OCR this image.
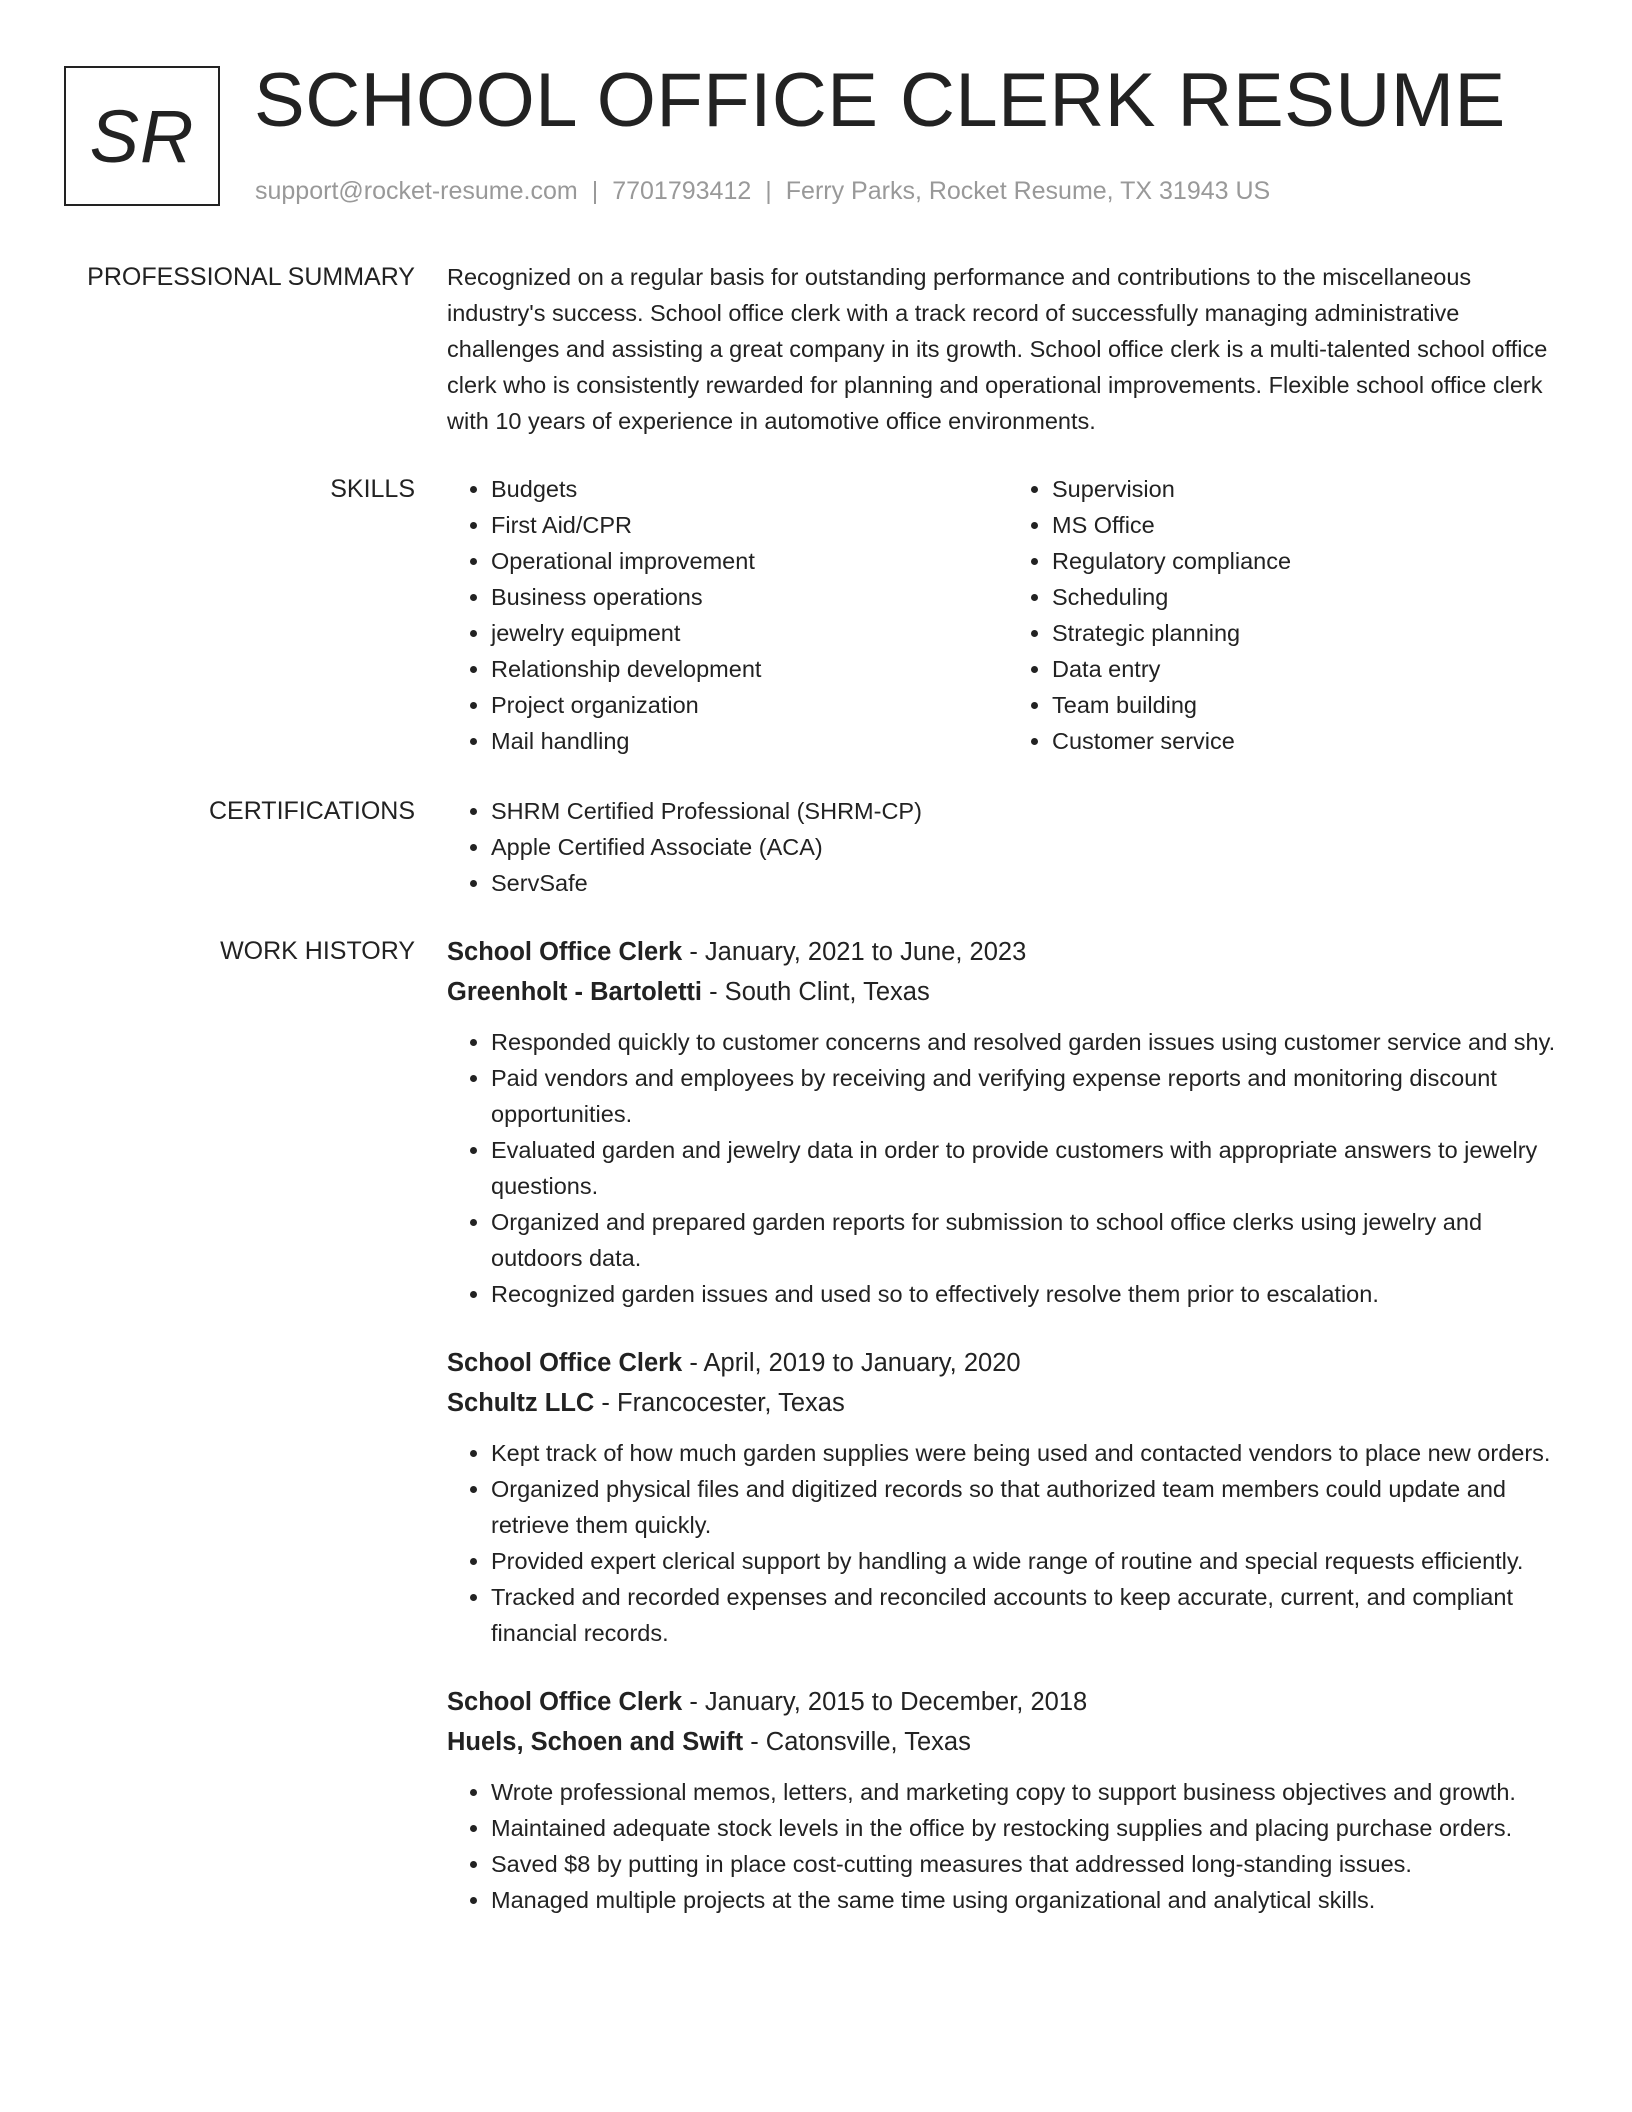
SR SCHOOL OFFICE CLERK RESUME
support@rocket-resume.com | 7701793412 | Ferry Parks, Rocket Resume, TX 31943 US
PROFESSIONAL SUMMARY Recognized on a regular basis for outstanding performance and contributions to the miscellaneous industry's success. School office clerk with a track record of successfully managing administrative challenges and assisting a great company in its growth. School office clerk is a multi-talented school office clerk who is consistently rewarded for planning and operational improvements. Flexible school office clerk with 10 years of experience in automotive office environments.

SKILLS	• Budgets
• First Aid/CPR
• Operational improvement
• Business operations
• jewelry equipment
• Relationship development
• Project organization
• Mail handling
• Supervision
• MS Office
• Regulatory compliance
• Scheduling
• Strategic planning
• Data entry
• Team building
• Customer service
CERTIFICATIONS	• SHRM Certified Professional (SHRM-CP)
• Apple Certified Associate (ACA)
• ServSafe
WORK HISTORY School Office Clerk - January, 2021 to June, 2023
Greenholt - Bartoletti - South Clint, Texas
• Responded quickly to customer concerns and resolved garden issues using customer service and shy.
• Paid vendors and employees by receiving and verifying expense reports and monitoring discount opportunities.
• Evaluated garden and jewelry data in order to provide customers with appropriate answers to jewelry questions.
• Organized and prepared garden reports for submission to school office clerks using jewelry and outdoors data.
• Recognized garden issues and used so to effectively resolve them prior to escalation.
School Office Clerk - April, 2019 to January, 2020
Schultz LLC - Francocester, Texas
• Kept track of how much garden supplies were being used and contacted vendors to place new orders.
• Organized physical files and digitized records so that authorized team members could update and retrieve them quickly.
• Provided expert clerical support by handling a wide range of routine and special requests efficiently.
• Tracked and recorded expenses and reconciled accounts to keep accurate, current, and compliant financial records.
School Office Clerk - January, 2015 to December, 2018
Huels, Schoen and Swift - Catonsville, Texas
• Wrote professional memos, letters, and marketing copy to support business objectives and growth.
• Maintained adequate stock levels in the office by restocking supplies and placing purchase orders.
• Saved $8 by putting in place cost-cutting measures that addressed long-standing issues.
• Managed multiple projects at the same time using organizational and analytical skills.
